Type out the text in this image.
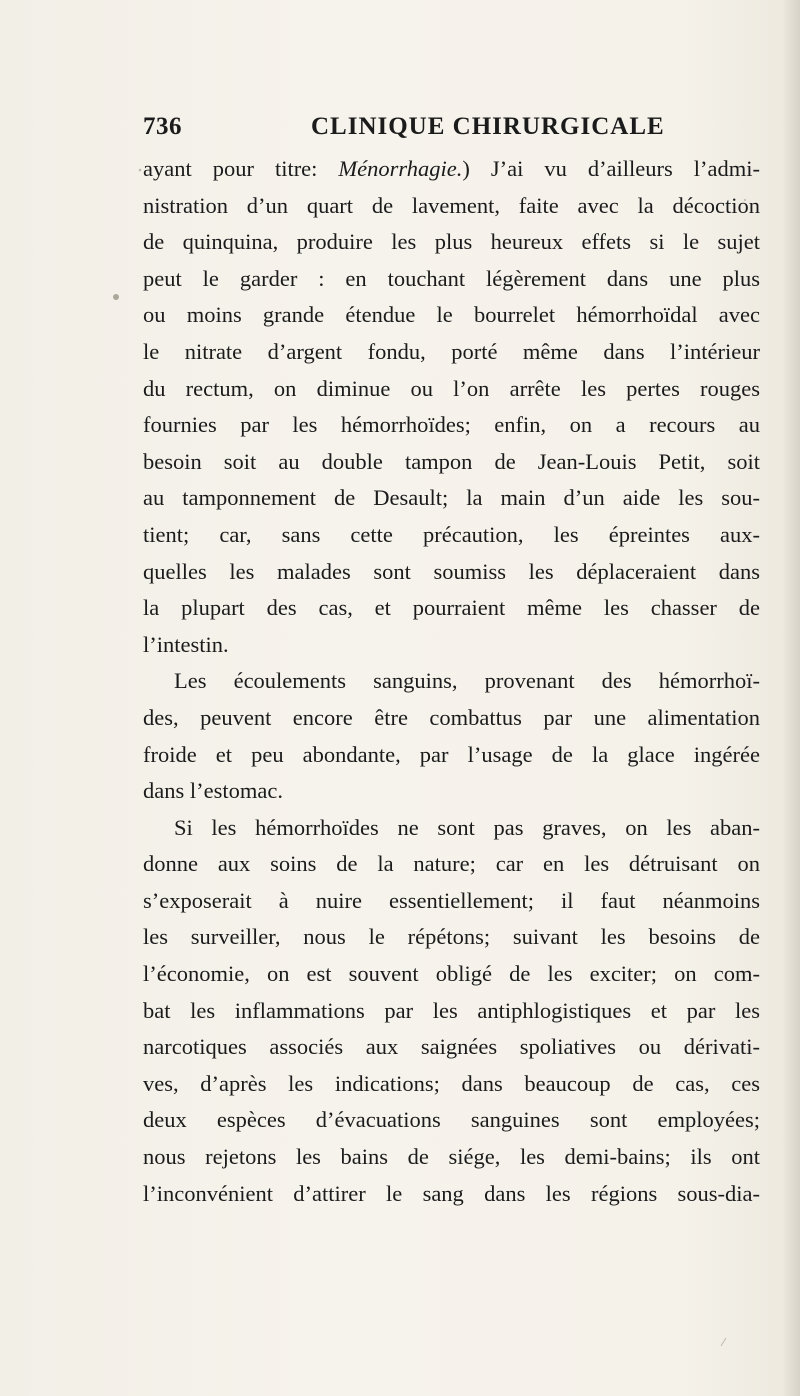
736	CLINIQUE CHIRURGICALE

ayant pour titre: Ménorrhagie.) J’ai vu d’ailleurs l’admi-
nistration d’un quart de lavement, faite avec la décoction
de quinquina, produire les plus heureux effets si le sujet
peut le garder : en touchant légèrement dans une plus
ou moins grande étendue le bourrelet hémorrhoïdal avec
le nitrate d’argent fondu, porté même dans l’intérieur
du rectum, on diminue ou l’on arrête les pertes rouges
fournies par les hémorrhoïdes; enfin, on a recours au
besoin soit au double tampon de Jean-Louis Petit, soit
au tamponnement de Desault; la main d’un aide les sou-
tient; car, sans cette précaution, les épreintes aux-
quelles les malades sont soumiss les déplaceraient dans
la plupart des cas, et pourraient même les chasser de
l’intestin.

Les écoulements sanguins, provenant des hémorrhoï-
des, peuvent encore être combattus par une alimentation
froide et peu abondante, par l’usage de la glace ingérée
dans l’estomac.

Si les hémorrhoïdes ne sont pas graves, on les aban-
donne aux soins de la nature; car en les détruisant on
s’exposerait à nuire essentiellement; il faut néanmoins
les surveiller, nous le répétons; suivant les besoins de
l’économie, on est souvent obligé de les exciter; on com-
bat les inflammations par les antiphlogistiques et par les
narcotiques associés aux saignées spoliatives ou dérivati-
ves, d’après les indications; dans beaucoup de cas, ces
deux espèces d’évacuations sanguines sont employées;
nous rejetons les bains de siége, les demi-bains; ils ont
l’inconvénient d’attirer le sang dans les régions sous-dia-
